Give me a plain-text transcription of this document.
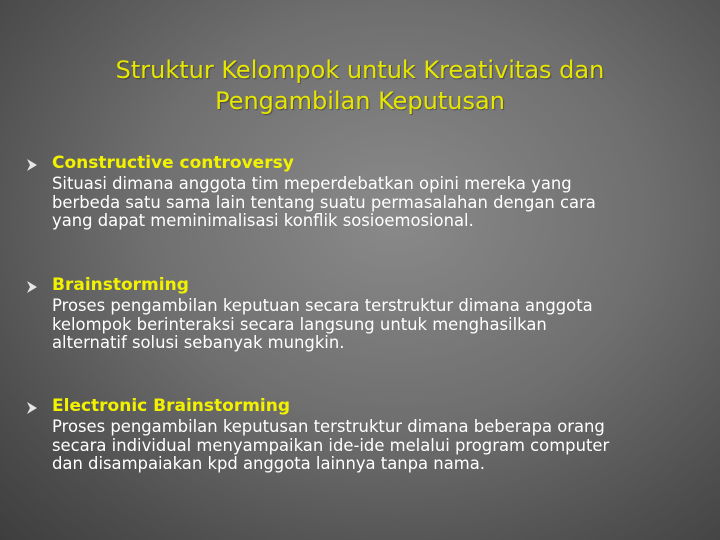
Struktur Kelompok untuk Kreativitas dan
Pengambilan Keputusan
Constructive controversy
Situasi dimana anggota tim meperdebatkan opini mereka yang
berbeda satu sama lain tentang suatu permasalahan dengan cara
yang dapat meminimalisasi konflik sosioemosional.
Brainstorming
Proses pengambilan keputuan secara terstruktur dimana anggota
kelompok berinteraksi secara langsung untuk menghasilkan
alternatif solusi sebanyak mungkin.
Electronic Brainstorming
Proses pengambilan keputusan terstruktur dimana beberapa orang
secara individual menyampaikan ide-ide melalui program computer
dan disampaiakan kpd anggota lainnya tanpa nama.
